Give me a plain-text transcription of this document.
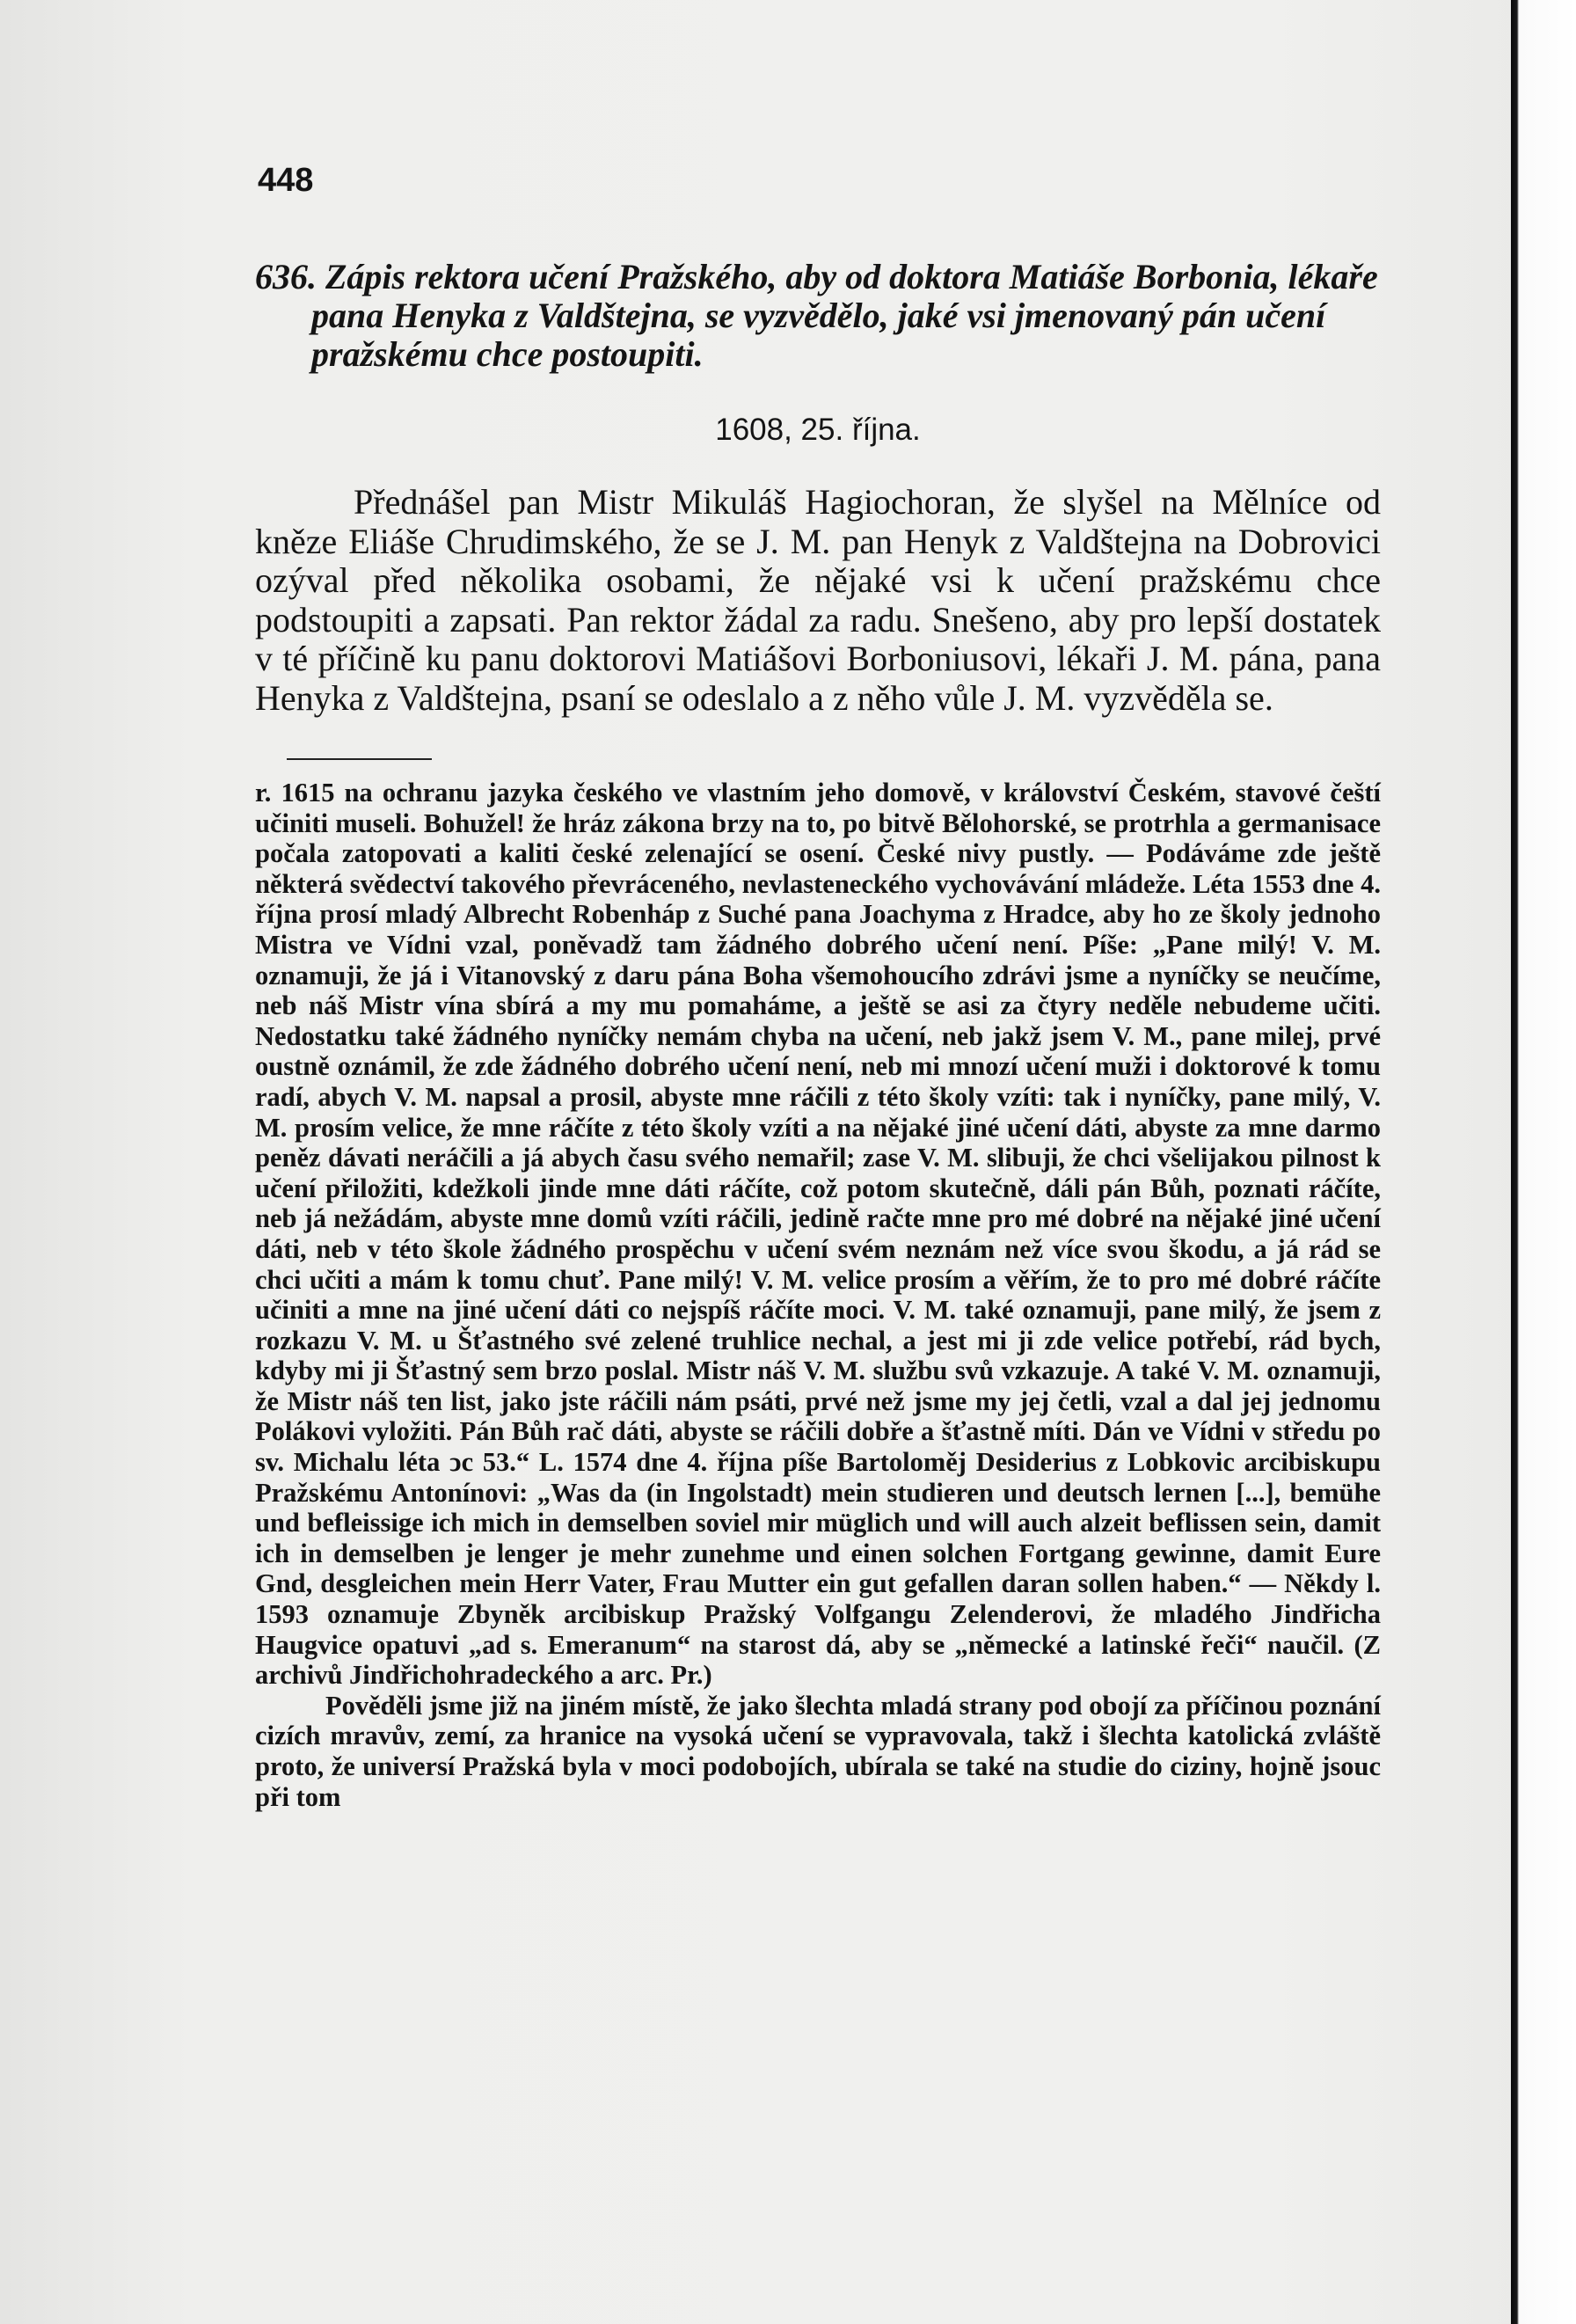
448

636. Zápis rektora učení Pražského, aby od doktora Matiáše Borbonia, lékaře pana Henyka z Valdštejna, se vyzvědělo, jaké vsi jmenovaný pán učení pražskému chce postoupiti.

1608, 25. října.

Přednášel pan Mistr Mikuláš Hagiochoran, že slyšel na Mělníce od kněze Eliáše Chrudimského, že se J. M. pan Henyk z Valdštejna na Dobrovici ozýval před několika osobami, že nějaké vsi k učení pražskému chce podstoupiti a zapsati. Pan rektor žádal za radu. Snešeno, aby pro lepší dostatek v té příčině ku panu doktorovi Matiášovi Borboniusovi, lékaři J. M. pána, pana Henyka z Valdštejna, psaní se odeslalo a z něho vůle J. M. vyzvěděla se.

r. 1615 na ochranu jazyka českého ve vlastním jeho domově, v království Českém, stavové čeští učiniti museli. Bohužel! že hráz zákona brzy na to, po bitvě Bělohorské, se protrhla a germanisace počala zatopovati a kaliti české zelenající se osení. České nivy pustly. — Podáváme zde ještě některá svědectví takového převráceného, nevlasteneckého vychovávání mládeže. Léta 1553 dne 4. října prosí mladý Albrecht Robenháp z Suché pana Joachyma z Hradce, aby ho ze školy jednoho Mistra ve Vídni vzal, poněvadž tam žádného dobrého učení není. Píše: „Pane milý! V. M. oznamuji, že já i Vitanovský z daru pána Boha všemohoucího zdrávi jsme a nyníčky se neučíme, neb náš Mistr vína sbírá a my mu pomaháme, a ještě se asi za čtyry neděle nebudeme učiti. Nedostatku také žádného nyníčky nemám chyba na učení, neb jakž jsem V. M., pane milej, prvé oustně oznámil, že zde žádného dobrého učení není, neb mi mnozí učení muži i doktorové k tomu radí, abych V. M. napsal a prosil, abyste mne ráčili z této školy vzíti: tak i nyníčky, pane milý, V. M. prosím velice, že mne ráčíte z této školy vzíti a na nějaké jiné učení dáti, abyste za mne darmo peněz dávati neráčili a já abych času svého nemařil; zase V. M. slibuji, že chci všelijakou pilnost k učení přiložiti, kdežkoli jinde mne dáti ráčíte, což potom skutečně, dáli pán Bůh, poznati ráčíte, neb já nežádám, abyste mne domů vzíti ráčili, jedině račte mne pro mé dobré na nějaké jiné učení dáti, neb v této škole žádného prospěchu v učení svém neznám než více svou škodu, a já rád se chci učiti a mám k tomu chuť. Pane milý! V. M. velice prosím a věřím, že to pro mé dobré ráčíte učiniti a mne na jiné učení dáti co nejspíš ráčíte moci. V. M. také oznamuji, pane milý, že jsem z rozkazu V. M. u Šťastného své zelené truhlice nechal, a jest mi ji zde velice potřebí, rád bych, kdyby mi ji Šťastný sem brzo poslal. Mistr náš V. M. službu svů vzkazuje. A také V. M. oznamuji, že Mistr náš ten list, jako jste ráčili nám psáti, prvé než jsme my jej četli, vzal a dal jej jednomu Polákovi vyložiti. Pán Bůh rač dáti, abyste se ráčili dobře a šťastně míti. Dán ve Vídni v středu po sv. Michalu léta ͻc 53.“ L. 1574 dne 4. října píše Bartoloměj Desiderius z Lobkovic arcibiskupu Pražskému Antonínovi: „Was da (in Ingolstadt) mein studieren und deutsch lernen [...], bemühe und befleissige ich mich in demselben soviel mir müglich und will auch alzeit beflissen sein, damit ich in demselben je lenger je mehr zunehme und einen solchen Fortgang gewinne, damit Eure Gnd, desgleichen mein Herr Vater, Frau Mutter ein gut gefallen daran sollen haben.“ — Někdy l. 1593 oznamuje Zbyněk arcibiskup Pražský Volfgangu Zelenderovi, že mladého Jindřicha Haugvice opatuvi „ad s. Emeranum“ na starost dá, aby se „německé a latinské řeči“ naučil. (Z archivů Jindřichohradeckého a arc. Pr.)

Pověděli jsme již na jiném místě, že jako šlechta mladá strany pod obojí za příčinou poznání cizích mravův, zemí, za hranice na vysoká učení se vypravovala, takž i šlechta katolická zvláště proto, že universí Pražská byla v moci podobojích, ubírala se také na studie do ciziny, hojně jsouc při tom
